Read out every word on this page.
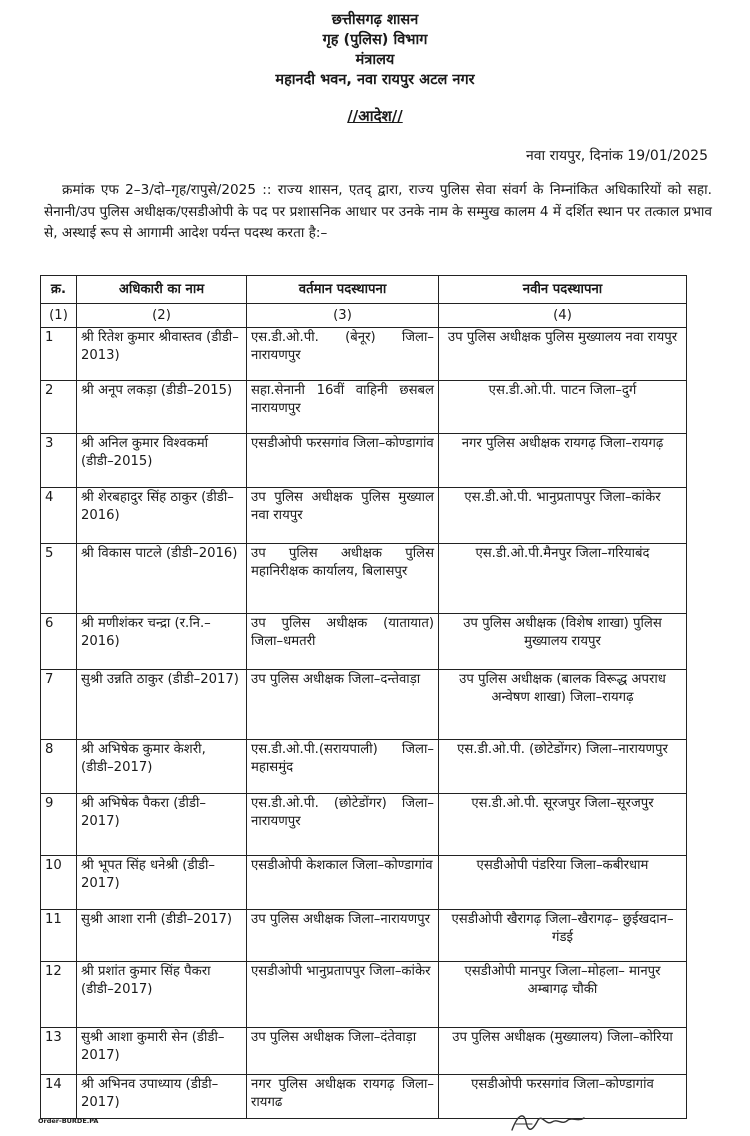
छत्तीसगढ़ शासन
गृह (पुलिस) विभाग
मंत्रालय
महानदी भवन, नवा रायपुर अटल नगर
//आदेश//
नवा रायपुर, दिनांक 19/01/2025

क्रमांक एफ 2–3/दो–गृह/रापुसे/2025 :: राज्य शासन, एतद् द्वारा, राज्य पुलिस सेवा संवर्ग के निम्नांकित अधिकारियों को सहा. सेनानी/उप पुलिस अधीक्षक/एसडीओपी के पद पर प्रशासनिक आधार पर उनके नाम के सम्मुख कालम 4 में दर्शित स्थान पर तत्काल प्रभाव से, अस्थाई रूप से आगामी आदेश पर्यन्त पदस्थ करता है:–

क्र.	अधिकारी का नाम	वर्तमान पदस्थापना	नवीन पदस्थापना
(1)	(2)	(3)	(4)
1	श्री रितेश कुमार श्रीवास्तव (डीडी–2013)	एस.डी.ओ.पी. (बेनूर) जिला–नारायणपुर	उप पुलिस अधीक्षक पुलिस मुख्यालय नवा रायपुर
2	श्री अनूप लकड़ा (डीडी–2015)	सहा.सेनानी 16वीं वाहिनी छसबल नारायणपुर	एस.डी.ओ.पी. पाटन जिला–दुर्ग
3	श्री अनिल कुमार विश्वकर्मा (डीडी–2015)	एसडीओपी फरसगांव जिला–कोण्डागांव	नगर पुलिस अधीक्षक रायगढ़ जिला–रायगढ़
4	श्री शेरबहादुर सिंह ठाकुर (डीडी–2016)	उप पुलिस अधीक्षक पुलिस मुख्याल नवा रायपुर	एस.डी.ओ.पी. भानुप्रतापपुर जिला–कांकेर
5	श्री विकास पाटले (डीडी–2016)	उप पुलिस अधीक्षक पुलिस महानिरीक्षक कार्यालय, बिलासपुर	एस.डी.ओ.पी.मैनपुर जिला–गरियाबंद
6	श्री मणीशंकर चन्द्रा (र.नि.–2016)	उप पुलिस अधीक्षक (यातायात) जिला–धमतरी	उप पुलिस अधीक्षक (विशेष शाखा) पुलिस मुख्यालय रायपुर
7	सुश्री उन्नति ठाकुर (डीडी–2017)	उप पुलिस अधीक्षक जिला–दन्तेवाड़ा	उप पुलिस अधीक्षक (बालक विरूद्ध अपराध अन्वेषण शाखा) जिला–रायगढ़
8	श्री अभिषेक कुमार केशरी, (डीडी–2017)	एस.डी.ओ.पी.(सरायपाली) जिला–महासमुंद	एस.डी.ओ.पी. (छोटेडोंगर) जिला–नारायणपुर
9	श्री अभिषेक पैकरा (डीडी–2017)	एस.डी.ओ.पी. (छोटेडोंगर) जिला–नारायणपुर	एस.डी.ओ.पी. सूरजपुर जिला–सूरजपुर
10	श्री भूपत सिंह धनेश्री (डीडी–2017)	एसडीओपी केशकाल जिला–कोण्डागांव	एसडीओपी पंडरिया जिला–कबीरधाम
11	सुश्री आशा रानी (डीडी–2017)	उप पुलिस अधीक्षक जिला–नारायणपुर	एसडीओपी खैरागढ़ जिला–खैरागढ़– छुईखदान–गंडई
12	श्री प्रशांत कुमार सिंह पैकरा (डीडी–2017)	एसडीओपी भानुप्रतापपुर जिला–कांकेर	एसडीओपी मानपुर जिला–मोहला– मानपुर अम्बागढ़ चौकी
13	सुश्री आशा कुमारी सेन (डीडी–2017)	उप पुलिस अधीक्षक जिला–दंतेवाड़ा	उप पुलिस अधीक्षक (मुख्यालय) जिला–कोरिया
14	श्री अभिनव उपाध्याय (डीडी–2017)	नगर पुलिस अधीक्षक रायगढ़ जिला–रायगढ	एसडीओपी फरसगांव जिला–कोण्डागांव
Order-BURDE.PA
